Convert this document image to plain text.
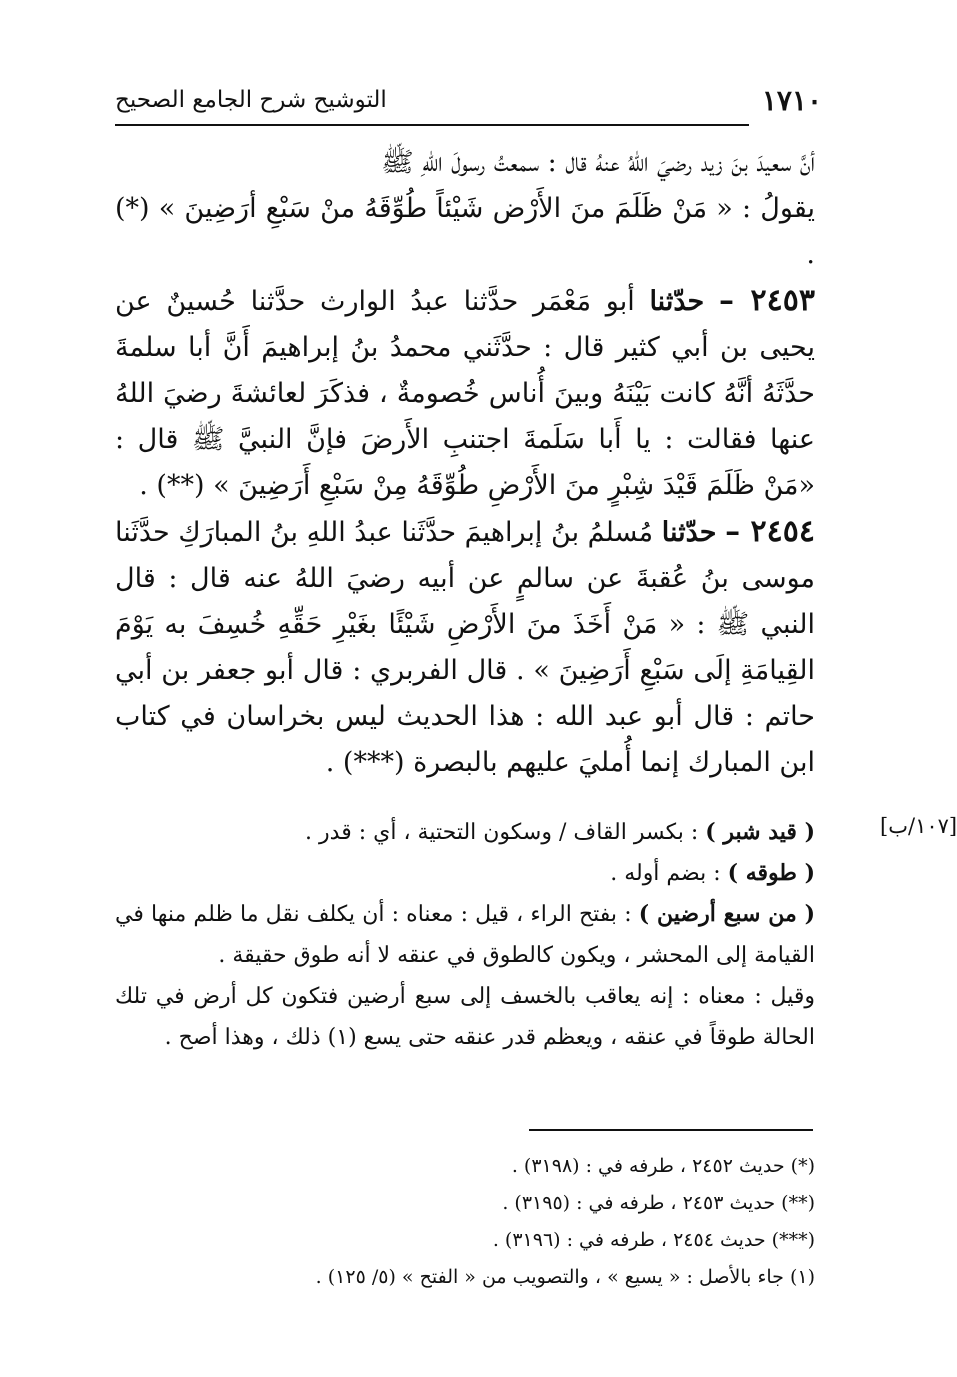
١٧١٠
التوشيح شرح الجامع الصحيح

أنَّ سعيدَ بنَ زيد رضيَ اللهُ عنهُ قال : سمعتُ رسولَ اللهِ ﷺ

يقولُ : « مَنْ ظَلَمَ منَ الأَرْض شَيْئاً طُوِّقَهُ منْ سَبْعِ أرَضِينَ » (*) .

٢٤٥٣ – حدّثنا أبو مَعْمَر حدَّثنا عبدُ الوارث حدَّثنا حُسينٌ عن يحيى بن أبي كثير قال : حدَّثَني محمدُ بنُ إبراهيمَ أَنَّ أبا سلمةَ حدَّثَهُ أنَّهُ كانت بَيْنَهُ وبينَ أُناس خُصومةٌ ، فذكَرَ لعائشةَ رضيَ اللهُ عنها فقالت : يا أَبا سَلَمةَ اجتنبِ الأَرضَ فإنَّ النبيَّ ﷺ قال : «مَنْ ظَلَمَ قَيْدَ شِبْرٍ منَ الأَرْضِ طُوِّقَهُ مِنْ سَبْعِ أَرَضِينَ » (**) .

٢٤٥٤ – حدّثنا مُسلمُ بنُ إبراهيمَ حدَّثَنا عبدُ اللهِ بنُ المبارَكِ حدَّثَنا موسى بنُ عُقبةَ عن سالمٍ عن أبيه رضيَ اللهُ عنه قال : قال النبي ﷺ : « مَنْ أَخَذَ منَ الأَرْضِ شَيْئًا بغَيْرِ حَقِّهِ خُسِفَ به يَوْمَ القِيامَةِ إلَى سَبْعِ أَرَضِينَ » . قال الفربري : قال أبو جعفر بن أبي حاتم : قال أبو عبد الله : هذا الحديث ليس بخراسان في كتاب ابن المبارك إنما أُمليَ عليهم بالبصرة (***) .

[١٠٧/ب]

( قيد شبر ) : بكسر القاف / وسكون التحتية ، أي : قدر .

( طوقه ) : بضم أوله .

( من سبع أرضين ) : بفتح الراء ، قيل : معناه : أن يكلف نقل ما ظلم منها في القيامة إلى المحشر ، ويكون كالطوق في عنقه لا أنه طوق حقيقة .

وقيل : معناه : إنه يعاقب بالخسف إلى سبع أرضين فتكون كل أرض في تلك الحالة طوقاً في عنقه ، ويعظم قدر عنقه حتى يسع (١) ذلك ، وهذا أصح .

(*) حديث ٢٤٥٢ ، طرفه في : (٣١٩٨) .

(**) حديث ٢٤٥٣ ، طرفه في : (٣١٩٥) .

(***) حديث ٢٤٥٤ ، طرفه في : (٣١٩٦) .

(١) جاء بالأصل : « يسيع » ، والتصويب من « الفتح » (٥/ ١٢٥) .
